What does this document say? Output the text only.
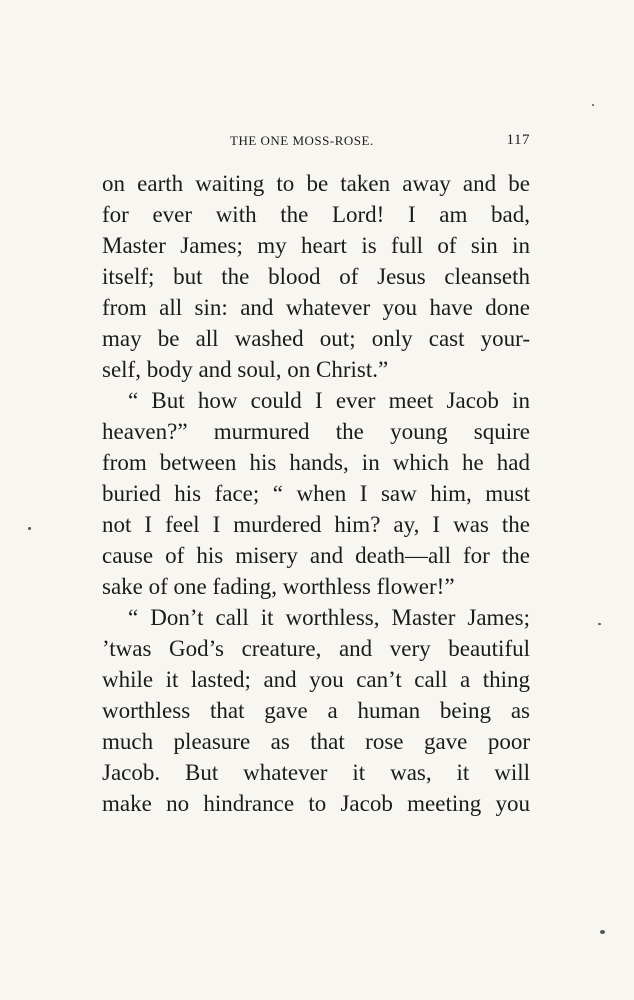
THE ONE MOSS-ROSE.	117
on earth waiting to be taken away and be
for ever with the Lord! I am bad,
Master James; my heart is full of sin in
itself; but the blood of Jesus cleanseth
from all sin: and whatever you have done
may be all washed out; only cast your-
self, body and soul, on Christ.”
“ But how could I ever meet Jacob in
heaven?” murmured the young squire
from between his hands, in which he had
buried his face; “ when I saw him, must
not I feel I murdered him? ay, I was the
cause of his misery and death—all for the
sake of one fading, worthless flower!”
“ Don’t call it worthless, Master James;
’twas God’s creature, and very beautiful
while it lasted; and you can’t call a thing
worthless that gave a human being as
much pleasure as that rose gave poor
Jacob. But whatever it was, it will
make no hindrance to Jacob meeting you
